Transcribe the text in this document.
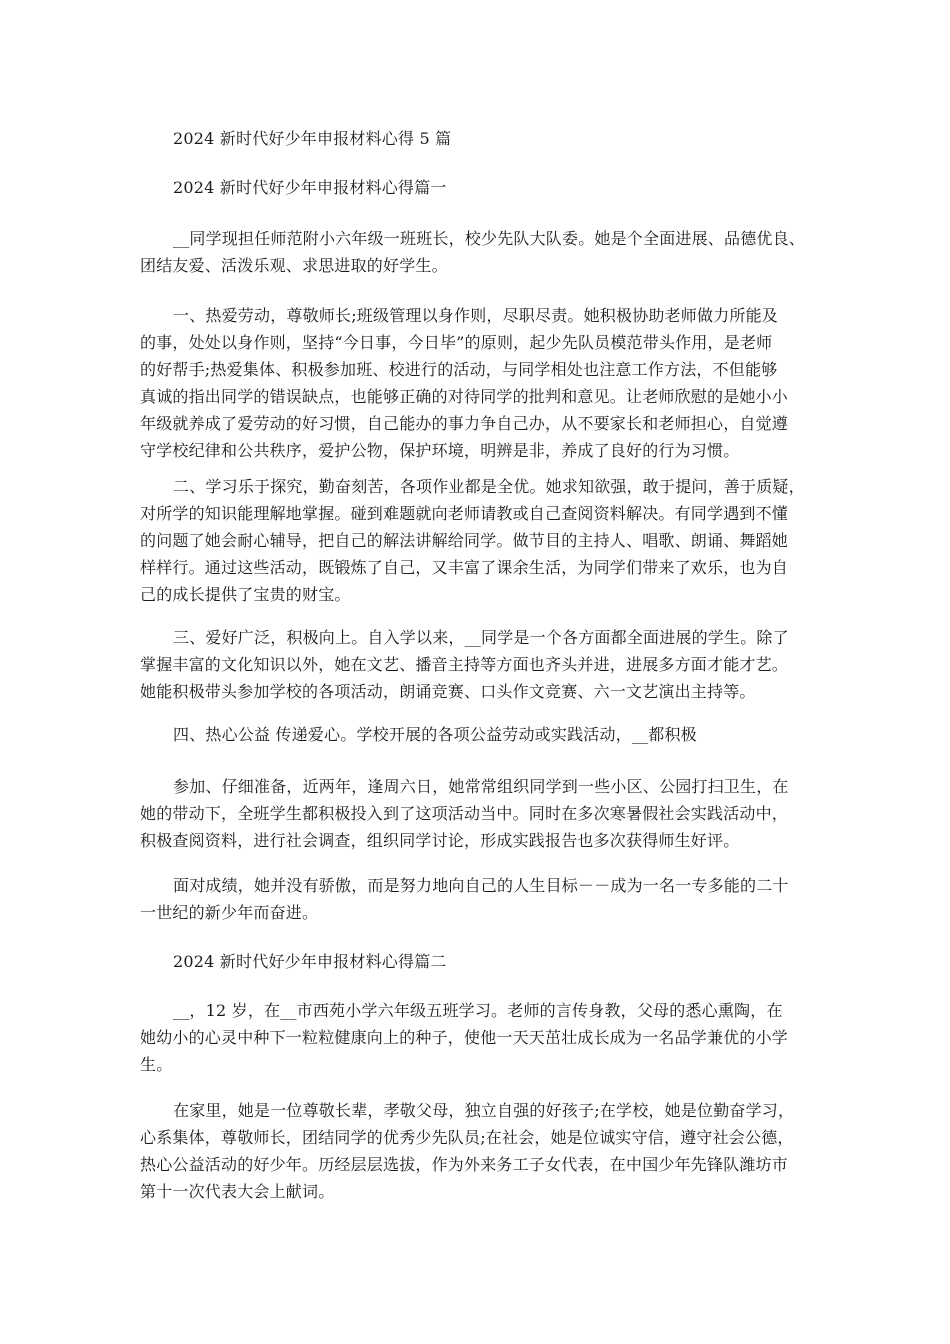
2024 新时代好少年申报材料心得 5 篇
2024 新时代好少年申报材料心得篇一
__同学现担任师范附小六年级一班班长，校少先队大队委。她是个全面进展、品德优良、
团结友爱、活泼乐观、求思进取的好学生。
一、热爱劳动，尊敬师长;班级管理以身作则，尽职尽责。她积极协助老师做力所能及
的事，处处以身作则，坚持“今日事，今日毕”的原则，起少先队员模范带头作用，是老师
的好帮手;热爱集体、积极参加班、校进行的活动，与同学相处也注意工作方法，不但能够
真诚的指出同学的错误缺点，也能够正确的对待同学的批判和意见。让老师欣慰的是她小小
年级就养成了爱劳动的好习惯，自己能办的事力争自己办，从不要家长和老师担心，自觉遵
守学校纪律和公共秩序，爱护公物，保护环境，明辨是非，养成了良好的行为习惯。
二、学习乐于探究，勤奋刻苦，各项作业都是全优。她求知欲强，敢于提问，善于质疑，
对所学的知识能理解地掌握。碰到难题就向老师请教或自己查阅资料解决。有同学遇到不懂
的问题了她会耐心辅导，把自己的解法讲解给同学。做节目的主持人、唱歌、朗诵、舞蹈她
样样行。通过这些活动，既锻炼了自己，又丰富了课余生活，为同学们带来了欢乐，也为自
己的成长提供了宝贵的财宝。
三、爱好广泛，积极向上。自入学以来，__同学是一个各方面都全面进展的学生。除了
掌握丰富的文化知识以外，她在文艺、播音主持等方面也齐头并进，进展多方面才能才艺。
她能积极带头参加学校的各项活动，朗诵竞赛、口头作文竞赛、六一文艺演出主持等。
四、热心公益 传递爱心。学校开展的各项公益劳动或实践活动，__都积极
参加、仔细准备，近两年，逢周六日，她常常组织同学到一些小区、公园打扫卫生，在
她的带动下，全班学生都积极投入到了这项活动当中。同时在多次寒暑假社会实践活动中，
积极查阅资料，进行社会调查，组织同学讨论，形成实践报告也多次获得师生好评。
面对成绩，她并没有骄傲，而是努力地向自己的人生目标－－成为一名一专多能的二十
一世纪的新少年而奋进。
2024 新时代好少年申报材料心得篇二
__，12 岁，在__市西苑小学六年级五班学习。老师的言传身教，父母的悉心熏陶，在
她幼小的心灵中种下一粒粒健康向上的种子，使他一天天茁壮成长成为一名品学兼优的小学
生。
在家里，她是一位尊敬长辈，孝敬父母，独立自强的好孩子;在学校，她是位勤奋学习，
心系集体，尊敬师长，团结同学的优秀少先队员;在社会，她是位诚实守信，遵守社会公德，
热心公益活动的好少年。历经层层选拔，作为外来务工子女代表，在中国少年先锋队潍坊市
第十一次代表大会上献词。
